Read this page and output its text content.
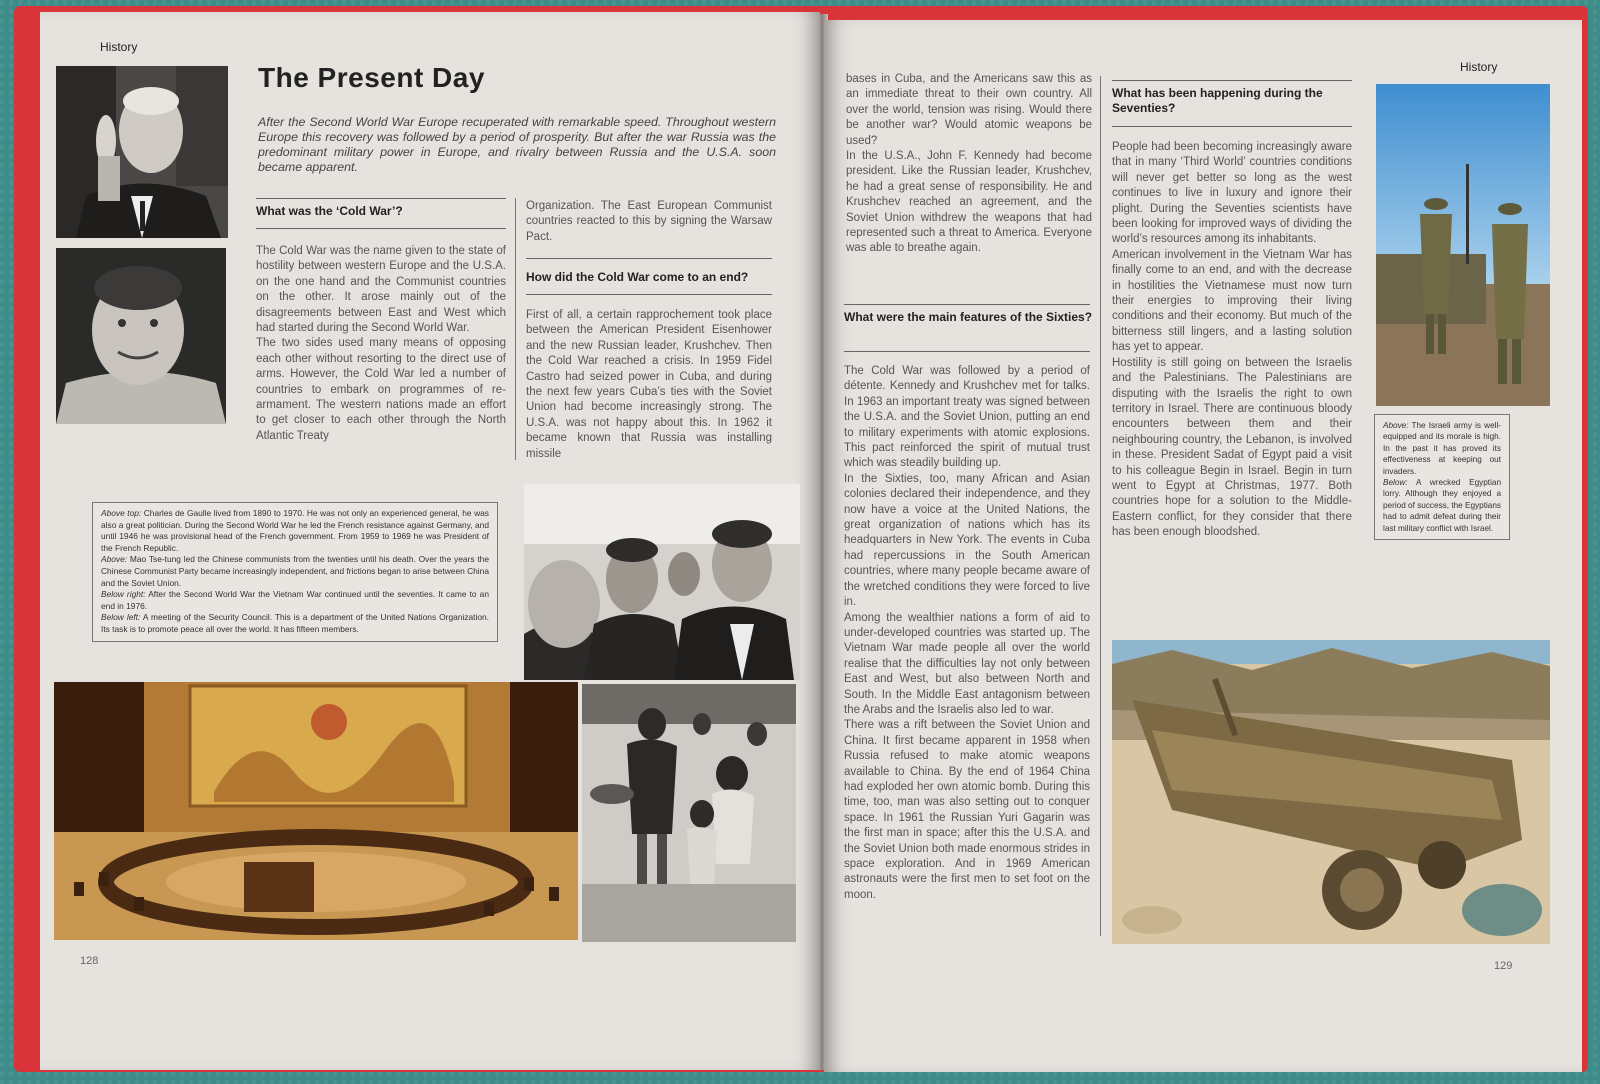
History
The Present Day
After the Second World War Europe recuperated with remarkable speed. Throughout western Europe this recovery was followed by a period of prosperity. But after the war Russia was the predominant military power in Europe, and rivalry between Russia and the U.S.A. soon became apparent.
What was the ‘Cold War’?

The Cold War was the name given to the state of hostility between western Europe and the U.S.A. on the one hand and the Communist countries on the other. It arose mainly out of the disagreements between East and West which had started during the Second World War.

The two sides used many means of opposing each other without resorting to the direct use of arms. However, the Cold War led a number of countries to embark on programmes of re-armament. The western nations made an effort to get closer to each other through the North Atlantic Treaty

Organization. The East European Communist countries reacted to this by signing the Warsaw Pact.
How did the Cold War come to an end?
First of all, a certain rapprochement took place between the American President Eisenhower and the new Russian leader, Krushchev. Then the Cold War reached a crisis. In 1959 Fidel Castro had seized power in Cuba, and during the next few years Cuba’s ties with the Soviet Union had become increasingly strong. The U.S.A. was not happy about this. In 1962 it became known that Russia was installing missile
Above top: Charles de Gaulle lived from 1890 to 1970. He was not only an experienced general, he was also a great politician. During the Second World War he led the French resistance against Germany, and until 1946 he was provisional head of the French government. From 1959 to 1969 he was President of the French Republic.
Above: Mao Tse-tung led the Chinese communists from the twenties until his death. Over the years the Chinese Communist Party became increasingly independent, and frictions began to arise between China and the Soviet Union.
Below right: After the Second World War the Vietnam War continued until the seventies. It came to an end in 1976.
Below left: A meeting of the Security Council. This is a department of the United Nations Organization. Its task is to promote peace all over the world. It has fifteen members.
128
History

bases in Cuba, and the Americans saw this as an immediate threat to their own country. All over the world, tension was rising. Would there be another war? Would atomic weapons be used?

In the U.S.A., John F. Kennedy had become president. Like the Russian leader, Krushchev, he had a great sense of responsibility. He and Krushchev reached an agreement, and the Soviet Union withdrew the weapons that had represented such a threat to America. Everyone was able to breathe again.

What were the main features of the Sixties?

The Cold War was followed by a period of détente. Kennedy and Krushchev met for talks. In 1963 an important treaty was signed between the U.S.A. and the Soviet Union, putting an end to military experiments with atomic explosions. This pact reinforced the spirit of mutual trust which was steadily building up.

In the Sixties, too, many African and Asian colonies declared their independence, and they now have a voice at the United Nations, the great organization of nations which has its headquarters in New York. The events in Cuba had repercussions in the South American countries, where many people became aware of the wretched conditions they were forced to live in.

Among the wealthier nations a form of aid to under-developed countries was started up. The Vietnam War made people all over the world realise that the difficulties lay not only between East and West, but also between North and South. In the Middle East antagonism between the Arabs and the Israelis also led to war.

There was a rift between the Soviet Union and China. It first became apparent in 1958 when Russia refused to make atomic weapons available to China. By the end of 1964 China had exploded her own atomic bomb. During this time, too, man was also setting out to conquer space. In 1961 the Russian Yuri Gagarin was the first man in space; after this the U.S.A. and the Soviet Union both made enormous strides in space exploration. And in 1969 American astronauts were the first men to set foot on the moon.

What has been happening during the Seventies?

People had been becoming increasingly aware that in many ‘Third World’ countries conditions will never get better so long as the west continues to live in luxury and ignore their plight. During the Seventies scientists have been looking for improved ways of dividing the world’s resources among its inhabitants.

American involvement in the Vietnam War has finally come to an end, and with the decrease in hostilities the Vietnamese must now turn their energies to improving their living conditions and their economy. But much of the bitterness still lingers, and a lasting solution has yet to appear.

Hostility is still going on between the Israelis and the Palestinians. The Palestinians are disputing with the Israelis the right to own territory in Israel. There are continuous bloody encounters between them and their neighbouring country, the Lebanon, is involved in these. President Sadat of Egypt paid a visit to his colleague Begin in Israel. Begin in turn went to Egypt at Christmas, 1977. Both countries hope for a solution to the Middle-Eastern conflict, for they consider that there has been enough bloodshed.

Above: The Israeli army is well-equipped and its morale is high. In the past it has proved its effectiveness at keeping out invaders.
Below: A wrecked Egyptian lorry. Although they enjoyed a period of success, the Egyptians had to admit defeat during their last military conflict with Israel.
129
